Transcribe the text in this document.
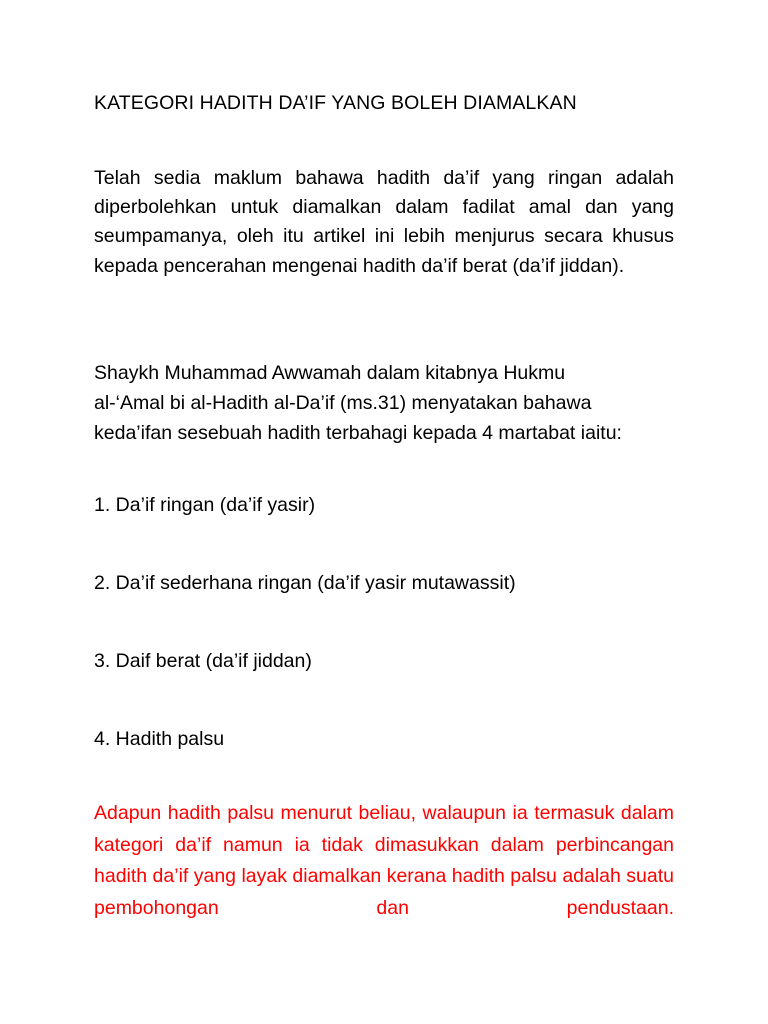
KATEGORI HADITH DA’IF YANG BOLEH DIAMALKAN

Telah sedia maklum bahawa hadith da’if yang ringan adalah diperbolehkan untuk diamalkan dalam fadilat amal dan yang seumpamanya, oleh itu artikel ini lebih menjurus secara khusus kepada pencerahan mengenai hadith da’if berat (da’if jiddan).

Shaykh Muhammad Awwamah dalam kitabnya Hukmu
al-‘Amal bi al-Hadith al-Da’if (ms.31) menyatakan bahawa
keda’ifan sesebuah hadith terbahagi kepada 4 martabat iaitu:

1. Da’if ringan (da’if yasir)

2. Da’if sederhana ringan (da’if yasir mutawassit)

3. Daif berat (da’if jiddan)

4. Hadith palsu

Adapun hadith palsu menurut beliau, walaupun ia termasuk dalam kategori da’if namun ia tidak dimasukkan dalam perbincangan hadith da’if yang layak diamalkan kerana hadith palsu adalah suatu pembohongan dan pendustaan.
